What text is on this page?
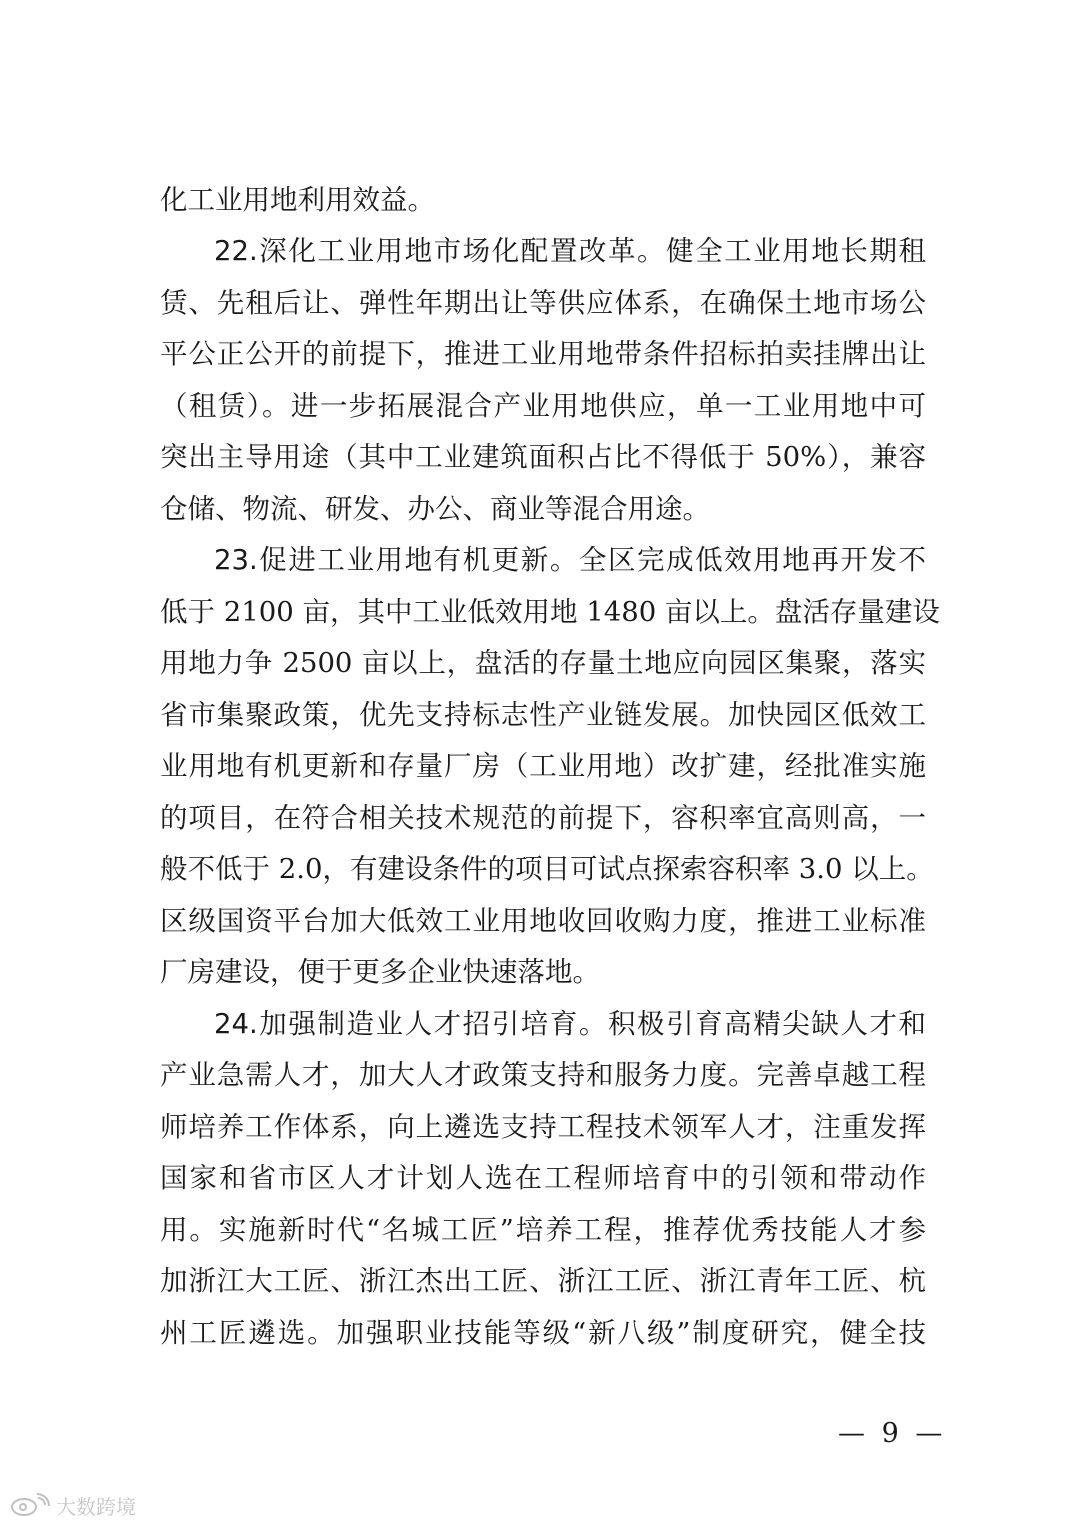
化工业用地利用效益。
22.深化工业用地市场化配置改革。健全工业用地长期租
赁、先租后让、弹性年期出让等供应体系，在确保土地市场公
平公正公开的前提下，推进工业用地带条件招标拍卖挂牌出让
（租赁）。进一步拓展混合产业用地供应，单一工业用地中可
突出主导用途（其中工业建筑面积占比不得低于 50%），兼容
仓储、物流、研发、办公、商业等混合用途。
23.促进工业用地有机更新。全区完成低效用地再开发不
低于 2100 亩，其中工业低效用地 1480 亩以上。盘活存量建设
用地力争 2500 亩以上，盘活的存量土地应向园区集聚，落实
省市集聚政策，优先支持标志性产业链发展。加快园区低效工
业用地有机更新和存量厂房（工业用地）改扩建，经批准实施
的项目，在符合相关技术规范的前提下，容积率宜高则高，一
般不低于 2.0，有建设条件的项目可试点探索容积率 3.0 以上。
区级国资平台加大低效工业用地收回收购力度，推进工业标准
厂房建设，便于更多企业快速落地。
24.加强制造业人才招引培育。积极引育高精尖缺人才和
产业急需人才，加大人才政策支持和服务力度。完善卓越工程
师培养工作体系，向上遴选支持工程技术领军人才，注重发挥
国家和省市区人才计划人选在工程师培育中的引领和带动作
用。实施新时代“名城工匠”培养工程，推荐优秀技能人才参
加浙江大工匠、浙江杰出工匠、浙江工匠、浙江青年工匠、杭
州工匠遴选。加强职业技能等级“新八级”制度研究，健全技
— 9 —
大数跨境
